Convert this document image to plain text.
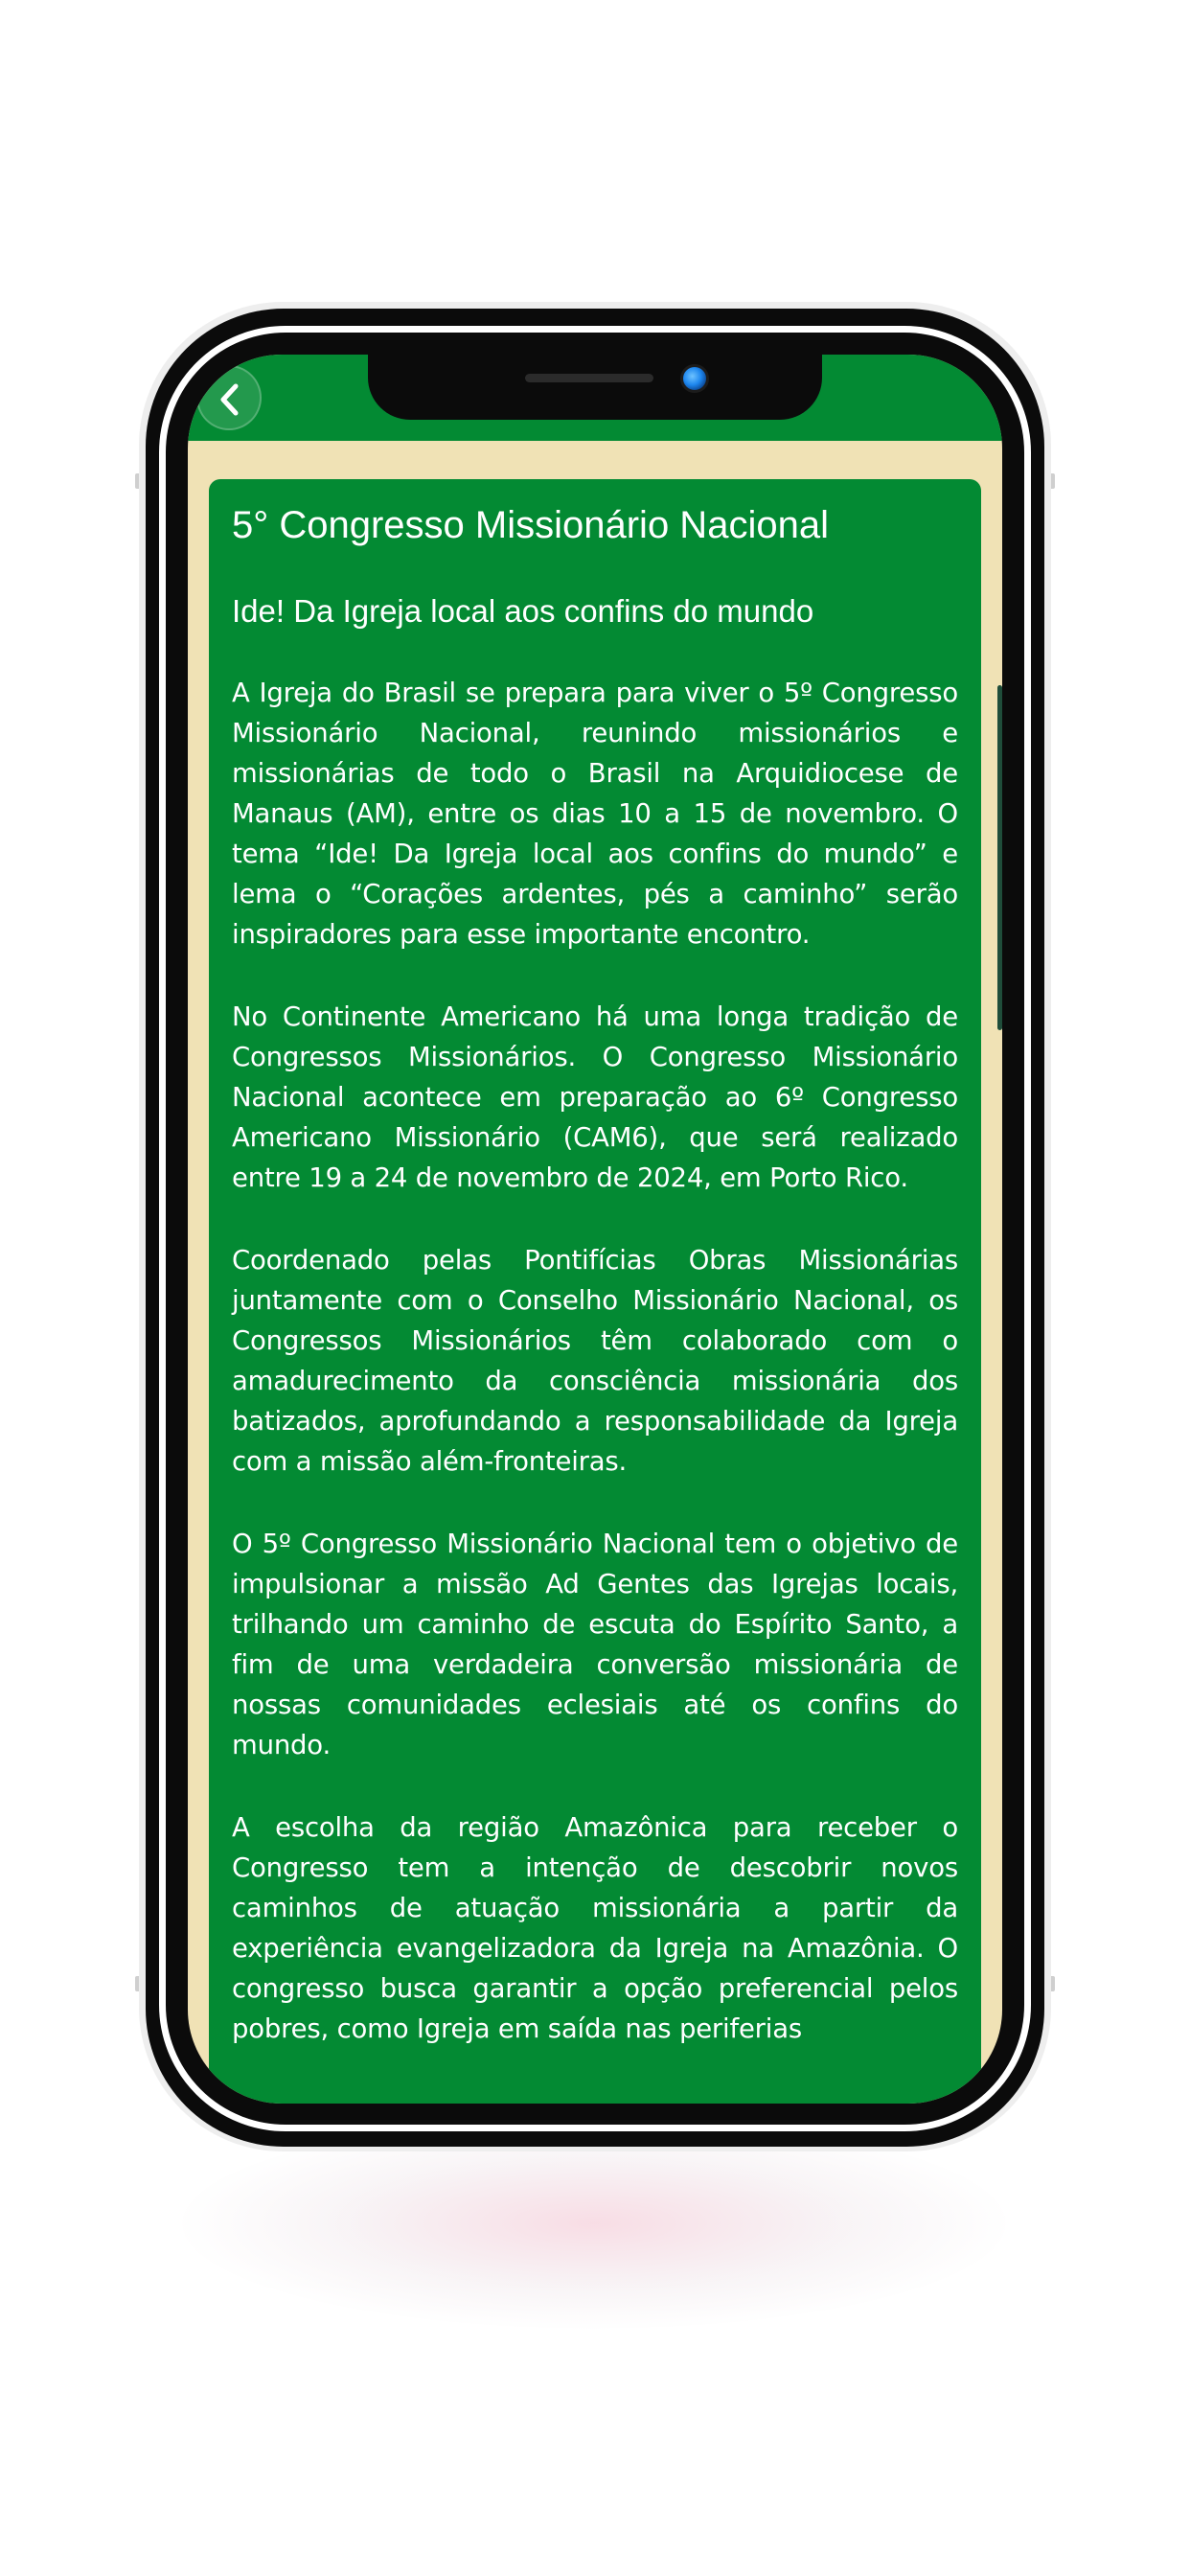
5° Congresso Missionário Nacional
Ide! Da Igreja local aos confins do mundo

A Igreja do Brasil se prepara para viver o 5º Congresso Missionário Nacional, reunindo missionários e missionárias de todo o Brasil na Arquidiocese de Manaus (AM), entre os dias 10 a 15 de novembro. O tema “Ide! Da Igreja local aos confins do mundo” e lema o “Corações ardentes, pés a caminho” serão inspiradores para esse importante encontro.

No Continente Americano há uma longa tradição de Congressos Missionários. O Congresso Missionário Nacional acontece em preparação ao 6º Congresso Americano Missionário (CAM6), que será realizado entre 19 a 24 de novembro de 2024, em Porto Rico.

Coordenado pelas Pontifícias Obras Missionárias juntamente com o Conselho Missionário Nacional, os Congressos Missionários têm colaborado com o amadurecimento da consciência missionária dos batizados, aprofundando a responsabilidade da Igreja com a missão além-fronteiras.

O 5º Congresso Missionário Nacional tem o objetivo de impulsionar a missão Ad Gentes das Igrejas locais, trilhando um caminho de escuta do Espírito Santo, a fim de uma verdadeira conversão missionária de nossas comunidades eclesiais até os confins do mundo.

A escolha da região Amazônica para receber o Congresso tem a intenção de descobrir novos caminhos de atuação missionária a partir da experiência evangelizadora da Igreja na Amazônia. O congresso busca garantir a opção preferencial pelos pobres, como Igreja em saída nas periferias
